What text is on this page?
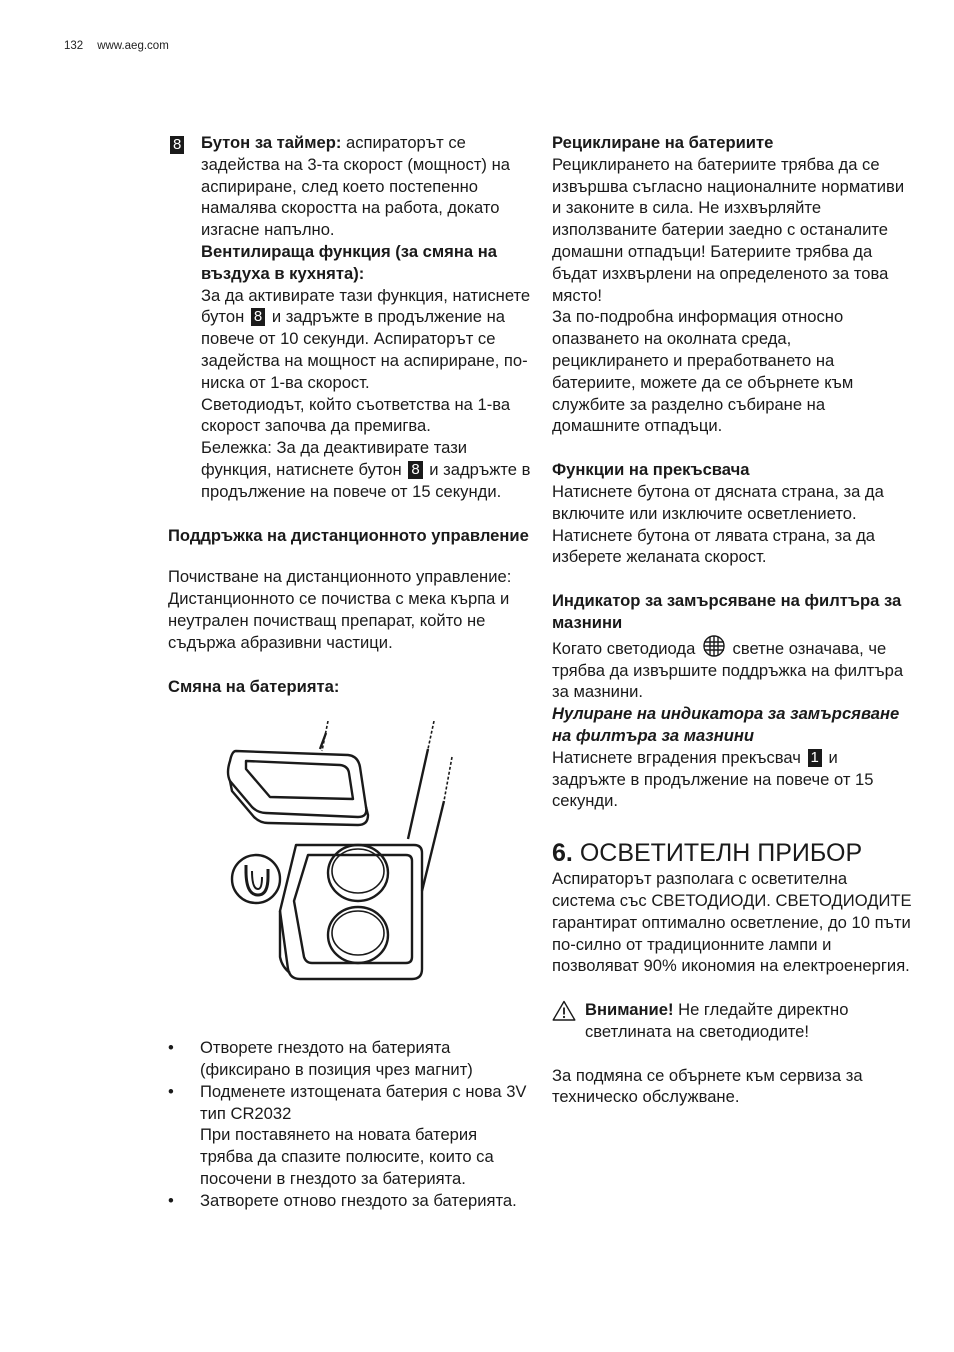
132 www.aeg.com

8	Бутон за таймер: аспираторът се задейства на 3-та скорост (мощност) на аспириране, след което постепенно намалява скоростта на работа, докато изгасне напълно.

Вентилираща функция (за смяна на въздуха в кухнята):

За да активирате тази функция, натиснете бутон 8 и задръжте в продължение на повече от 10 секунди. Аспираторът се задейства на мощност на аспириране, по-ниска от 1-ва скорост.

Светодиодът, който съответства на 1-ва скорост започва да премигва.

Бележка: За да деактивирате тази функция, натиснете бутон 8 и задръжте в продължение на повече от 15 секунди.

Поддръжка на дистанционното управление

Почистване на дистанционното управление:

Дистанционното се почиства с мека кърпа и неутрален почистващ препарат, който не съдържа абразивни частици.

Смяна на батерията:

• Отворете гнездото на батерията (фиксирано в позиция чрез магнит)
• Подменете изтощената батерия с нова 3V тип CR2032
При поставянето на новата батерия трябва да спазите полюсите, които са посочени в гнездото за батерията.
• Затворете отново гнездото за батерията.

Рециклиране на батериите

Рециклирането на батериите трябва да се извършва съгласно националните нормативи и законите в сила. Не изхвърляйте използваните батерии заедно с останалите домашни отпадъци! Батериите трябва да бъдат изхвърлени на определеното за това място!

За по-подробна информация относно опазването на околната среда, рециклирането и преработването на батериите, можете да се обърнете към службите за разделно събиране на домашните отпадъци.

Функции на прекъсвача

Натиснете бутона от дясната страна, за да включите или изключите осветлението.

Натиснете бутона от лявата страна, за да изберете желаната скорост.

Индикатор за замърсяване на филтъра за мазнини

Когато светодиода  светне означава, че трябва да извършите поддръжка на филтъра за мазнини.

Нулиране на индикатора за замърсяване на филтъра за мазнини

Натиснете вградения прекъсвач 1 и задръжте в продължение на повече от 15 секунди.

6. ОСВЕТИТЕЛН ПРИБОР

Аспираторът разполага с осветителна система със СВЕТОДИОДИ. СВЕТОДИОДИТЕ гарантират оптимално осветление, до 10 пъти по-силно от традиционните лампи и позволяват 90% икономия на електроенергия.

Внимание! Не гледайте директно светлината на светодиодите!

За подмяна се обърнете към сервиза за техническо обслужване.
